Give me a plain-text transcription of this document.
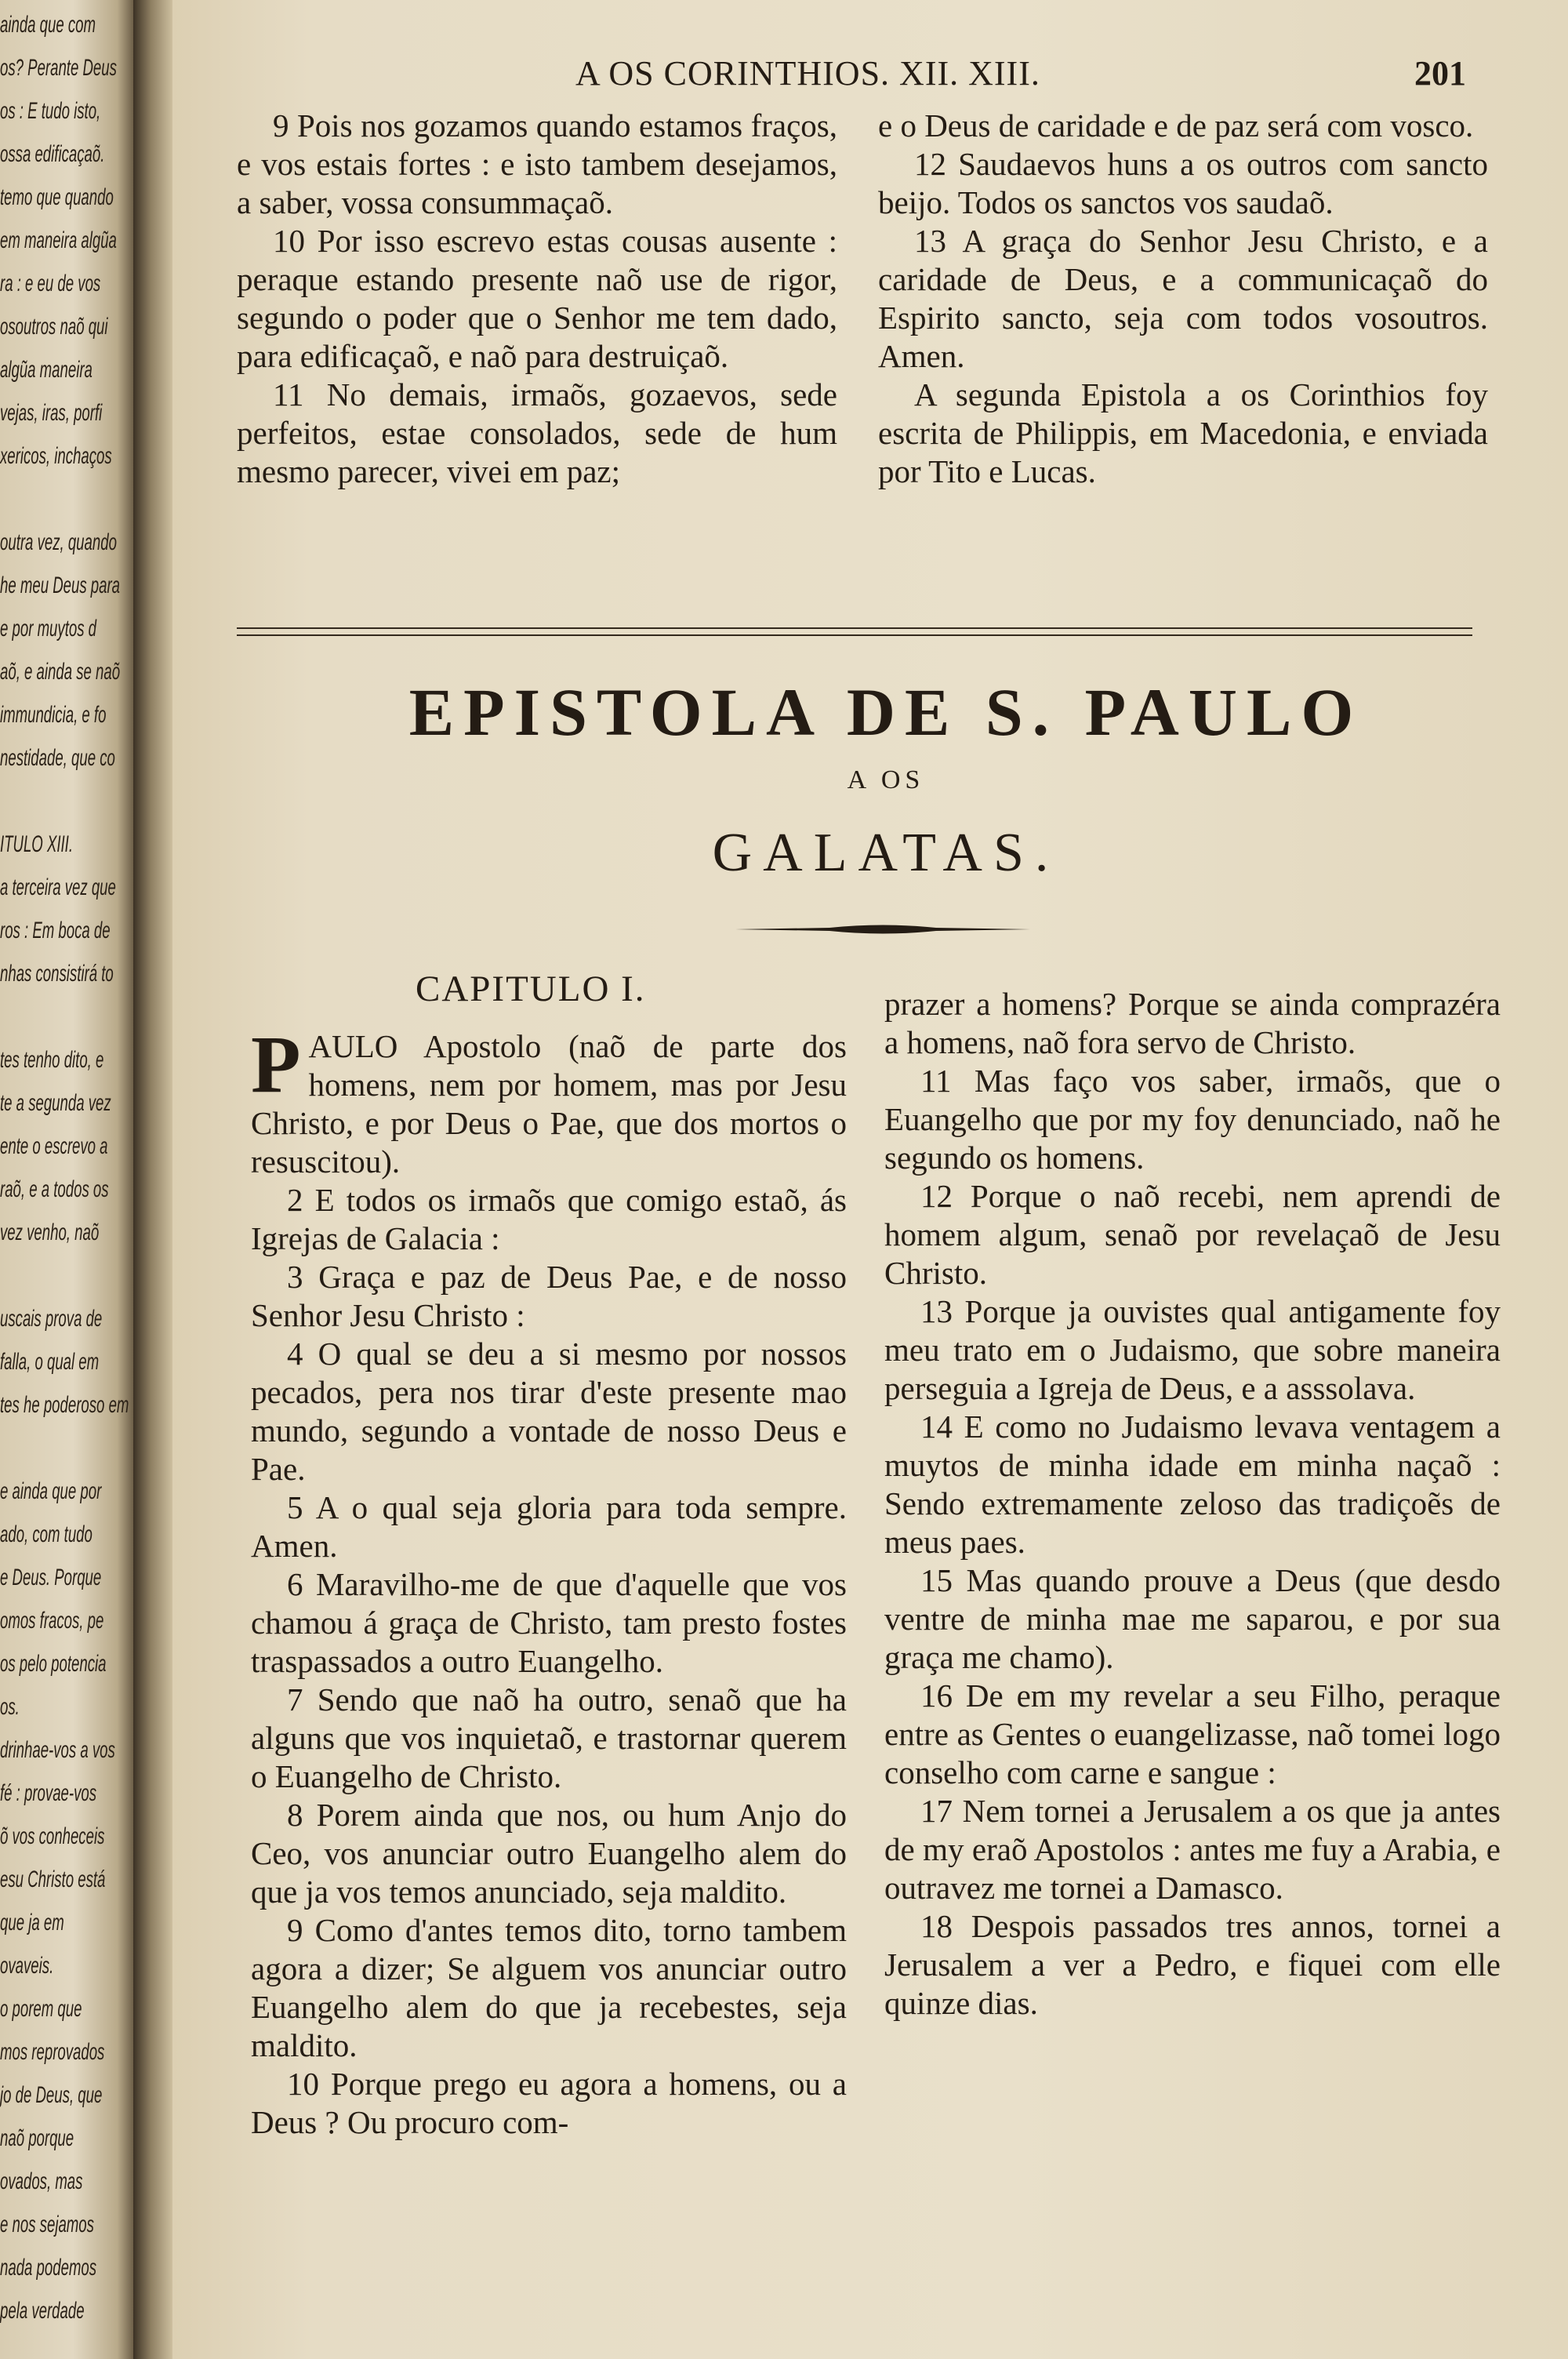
ainda que com
os? Perante Deus
os : E tudo isto,
ossa edificaçaõ.
temo que quando
em maneira algũa
ra : e eu de vos
osoutros naõ qui
algũa maneira
vejas, iras, porfi
xericos, inchaços
outra vez, quando
he meu Deus para
e por muytos d
aõ, e ainda se naõ
immundicia, e fo
nestidade, que co
ITULO XIII.
a terceira vez que
ros : Em boca de
nhas consistirá to
tes tenho dito, e
te a segunda vez
ente o escrevo a
raõ, e a todos os
vez venho, naõ
uscais prova de
falla, o qual em
tes he poderoso em
e ainda que por
ado, com tudo
e Deus. Porque
omos fracos, pe
os pelo potencia
os.
drinhae-vos a vos
fé : provae-vos
õ vos conheceis
esu Christo está
que ja em
ovaveis.
o porem que
mos reprovados
jo de Deus, que
naõ porque
ovados, mas
e nos sejamos
nada podemos
pela verdade
A OS CORINTHIOS. XII. XIII.	201

9 Pois nos gozamos quando estamos fraços, e vos estais fortes : e isto tambem desejamos, a saber, vossa consummaçaõ.

10 Por isso escrevo estas cousas ausente : peraque estando presente naõ use de rigor, segundo o poder que o Senhor me tem dado, para edificaçaõ, e naõ para destruiçaõ.

11 No demais, irmaõs, gozaevos, sede perfeitos, estae consolados, sede de hum mesmo parecer, vivei em paz;

e o Deus de caridade e de paz será com vosco.

12 Saudaevos huns a os outros com sancto beijo. Todos os sanctos vos saudaõ.

13 A graça do Senhor Jesu Christo, e a caridade de Deus, e a communicaçaõ do Espirito sancto, seja com todos vosoutros. Amen.

A segunda Epistola a os Corinthios foy escrita de Philippis, em Macedonia, e enviada por Tito e Lucas.

EPISTOLA DE S. PAULO
A OS
GALATAS.
CAPITULO I.

PAULO Apostolo (naõ de parte dos homens, nem por homem, mas por Jesu Christo, e por Deus o Pae, que dos mortos o resuscitou).

2 E todos os irmaõs que comigo estaõ, ás Igrejas de Galacia :

3 Graça e paz de Deus Pae, e de nosso Senhor Jesu Christo :

4 O qual se deu a si mesmo por nossos pecados, pera nos tirar d'este presente mao mundo, segundo a vontade de nosso Deus e Pae.

5 A o qual seja gloria para toda sempre. Amen.

6 Maravilho-me de que d'aquelle que vos chamou á graça de Christo, tam presto fostes traspassados a outro Euangelho.

7 Sendo que naõ ha outro, senaõ que ha alguns que vos inquietaõ, e trastornar querem o Euangelho de Christo.

8 Porem ainda que nos, ou hum Anjo do Ceo, vos anunciar outro Euangelho alem do que ja vos temos anunciado, seja maldito.

9 Como d'antes temos dito, torno tambem agora a dizer; Se alguem vos anunciar outro Euangelho alem do que ja recebestes, seja maldito.

10 Porque prego eu agora a homens, ou a Deus ? Ou procuro com-

prazer a homens? Porque se ainda comprazéra a homens, naõ fora servo de Christo.

11 Mas faço vos saber, irmaõs, que o Euangelho que por my foy denunciado, naõ he segundo os homens.

12 Porque o naõ recebi, nem aprendi de homem algum, senaõ por revelaçaõ de Jesu Christo.

13 Porque ja ouvistes qual antigamente foy meu trato em o Judaismo, que sobre maneira perseguia a Igreja de Deus, e a asssolava.

14 E como no Judaismo levava ventagem a muytos de minha idade em minha naçaõ : Sendo extremamente zeloso das tradiçoẽs de meus paes.

15 Mas quando prouve a Deus (que desdo ventre de minha mae me saparou, e por sua graça me chamo).

16 De em my revelar a seu Filho, peraque entre as Gentes o euangelizasse, naõ tomei logo conselho com carne e sangue :

17 Nem tornei a Jerusalem a os que ja antes de my eraõ Apostolos : antes me fuy a Arabia, e outravez me tornei a Damasco.

18 Despois passados tres annos, tornei a Jerusalem a ver a Pedro, e fiquei com elle quinze dias.
